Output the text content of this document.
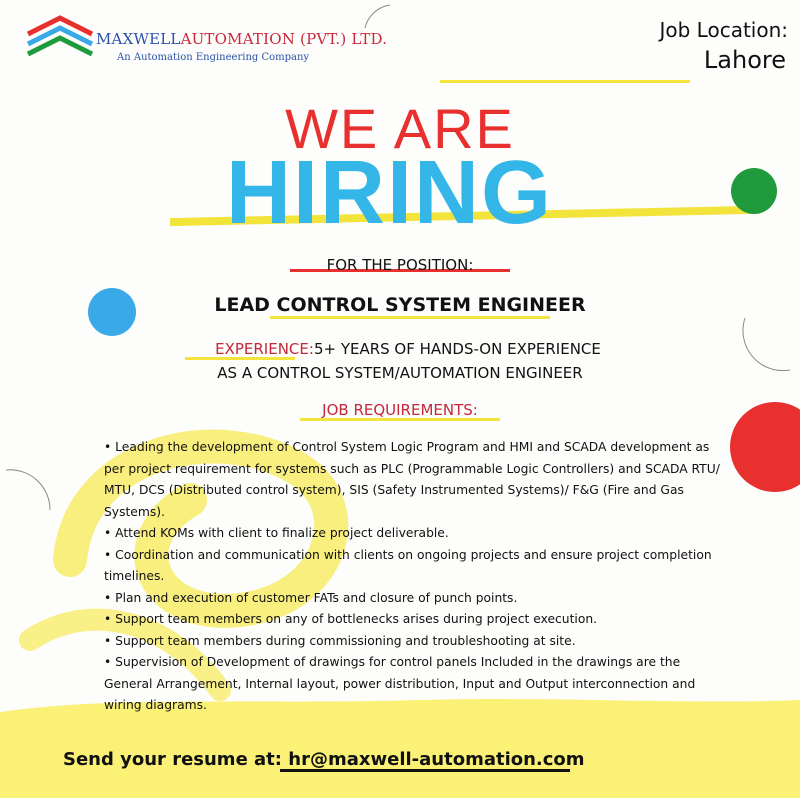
MAXWELLAUTOMATION (PVT.) LTD.
An Automation Engineering Company
Job Location:
Lahore
WE ARE
HIRING
FOR THE POSITION:
LEAD CONTROL SYSTEM ENGINEER
EXPERIENCE:5+ YEARS OF HANDS-ON EXPERIENCE
AS A CONTROL SYSTEM/AUTOMATION ENGINEER
JOB REQUIREMENTS:

• Leading the development of Control System Logic Program and HMI and SCADA development as per project requirement for systems such as PLC (Programmable Logic Controllers) and SCADA RTU/ MTU, DCS (Distributed control system), SIS (Safety Instrumented Systems)/ F&G (Fire and Gas Systems).

• Attend KOMs with client to finalize project deliverable.

• Coordination and communication with clients on ongoing projects and ensure project completion timelines.

• Plan and execution of customer FATs and closure of punch points.

• Support team members on any of bottlenecks arises during project execution.

• Support team members during commissioning and troubleshooting at site.

• Supervision of Development of drawings for control panels Included in the drawings are the General Arrangement, Internal layout, power distribution, Input and Output interconnection and wiring diagrams.

Send your resume at: hr@maxwell-automation.com
